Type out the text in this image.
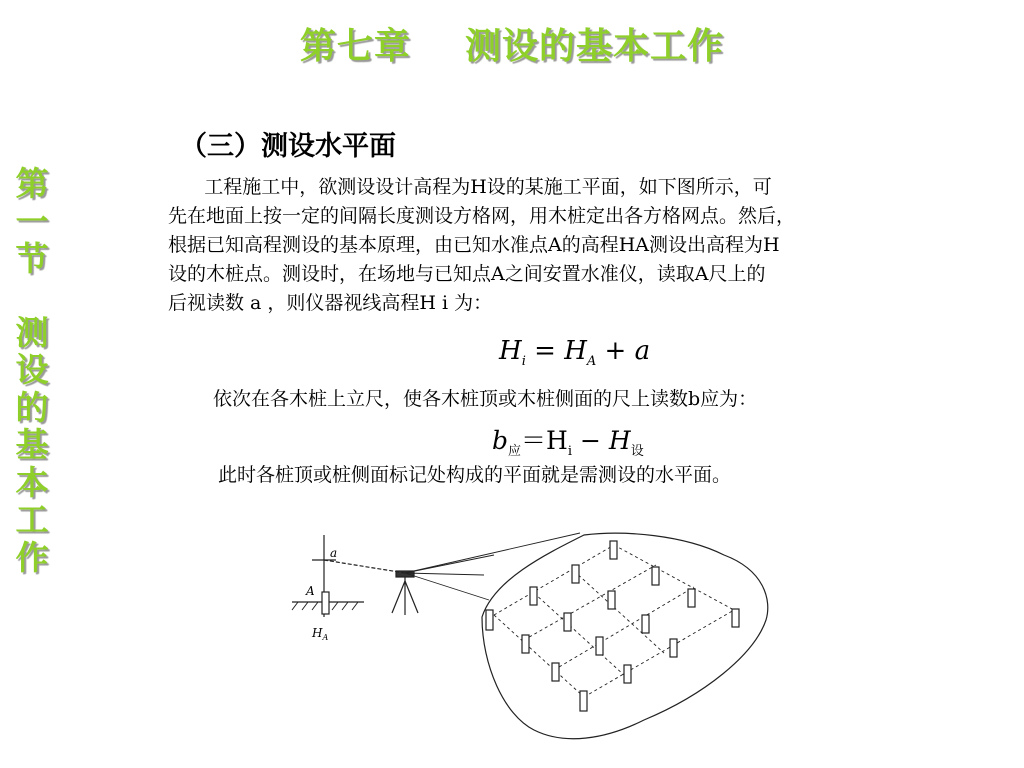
第七章    测设的基本工作
第
一
节
测
设
的
基
本
工
作
（三）测设水平面
工程施工中，欲测设设计高程为H设的某施工平面，如下图所示，可
先在地面上按一定的间隔长度测设方格网，用木桩定出各方格网点。然后，
根据已知高程测设的基本原理，由已知水准点A的高程HA测设出高程为H
设的木桩点。测设时，在场地与已知点A之间安置水准仪，读取A尺上的
后视读数 a ，则仪器视线高程H i 为：
$H_i = H_A + a$
依次在各木桩上立尺，使各木桩顶或木桩侧面的尺上读数b应为：
$b_应=H_i - H_设$
此时各桩顶或桩侧面标记处构成的平面就是需测设的水平面。
a
A
$H_A$
